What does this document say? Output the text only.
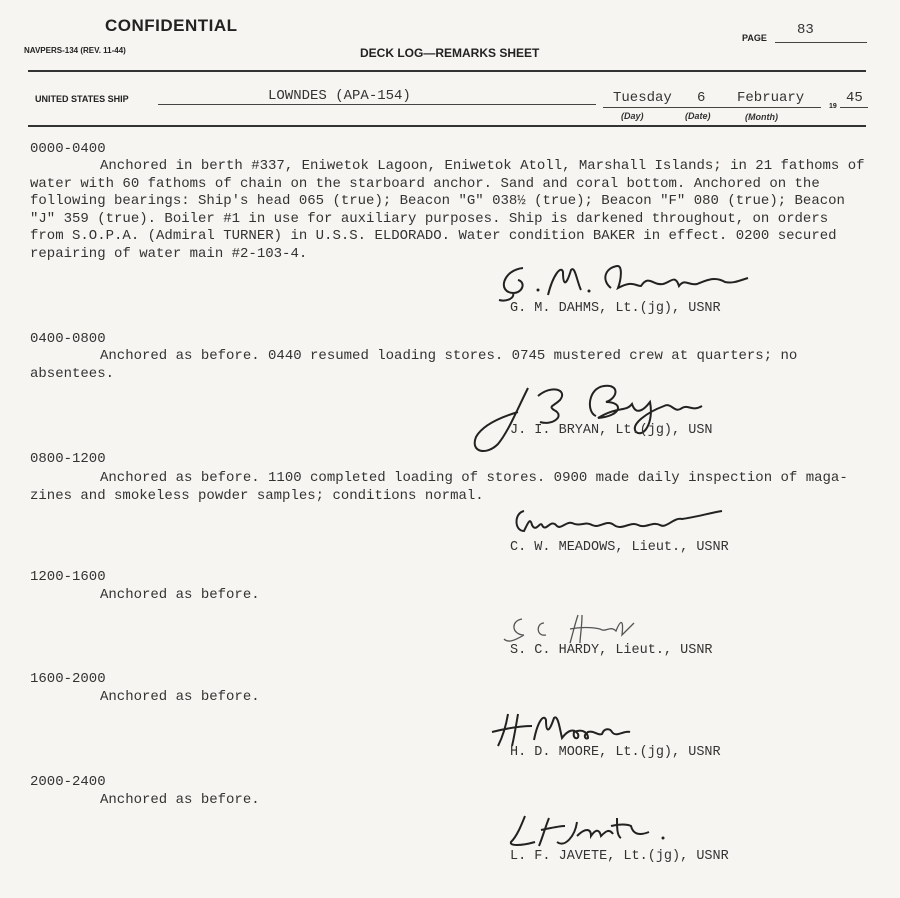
CONFIDENTIAL
NAVPERS-134 (REV. 11-44)	DECK LOG—REMARKS SHEET
PAGE 83
UNITED STATES SHIP	LOWNDES (APA-154)	Tuesday 6 February
19
45
(Day)	(Date)	(Month)
0000-0400

Anchored in berth #337, Eniwetok Lagoon, Eniwetok Atoll, Marshall Islands; in 21 fathoms of

water with 60 fathoms of chain on the starboard anchor. Sand and coral bottom. Anchored on the

following bearings: Ship's head 065 (true); Beacon "G" 038½ (true); Beacon "F" 080 (true); Beacon

"J" 359 (true). Boiler #1 in use for auxiliary purposes. Ship is darkened throughout, on orders

from S.O.P.A. (Admiral TURNER) in U.S.S. ELDORADO. Water condition BAKER in effect. 0200 secured

repairing of water main #2-103-4.

G. M. DAHMS, Lt.(jg), USNR
0400-0800

Anchored as before. 0440 resumed loading stores. 0745 mustered crew at quarters; no

absentees.

J. I. BRYAN, Lt.(jg), USN
0800-1200

Anchored as before. 1100 completed loading of stores. 0900 made daily inspection of maga-

zines and smokeless powder samples; conditions normal.

C. W. MEADOWS, Lieut., USNR
1200-1600

Anchored as before.

S. C. HARDY, Lieut., USNR
1600-2000

Anchored as before.

H. D. MOORE, Lt.(jg), USNR
2000-2400

Anchored as before.

L. F. JAVETE, Lt.(jg), USNR
